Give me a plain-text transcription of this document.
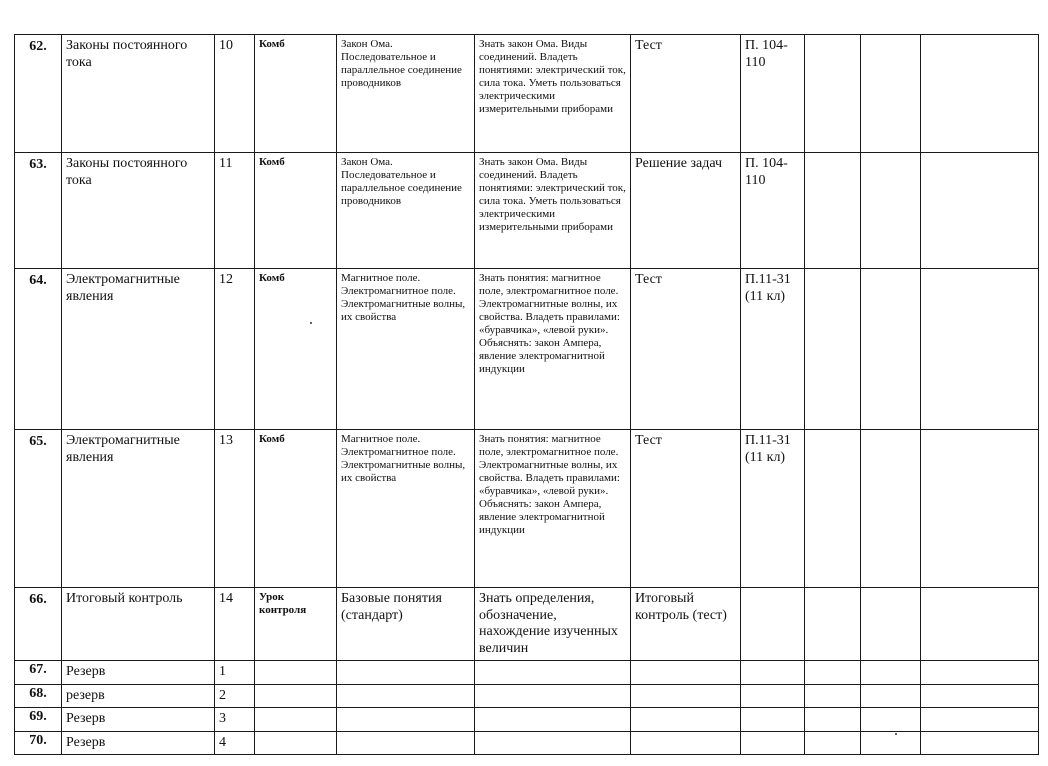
62.	Законы постоянного тока	10	Комб	Закон Ома. Последовательное и параллельное соединение проводников	Знать закон Ома. Виды соединений. Владеть понятиями: электрический ток, сила тока. Уметь пользоваться электрическими измерительными приборами	Тест	П. 104-110			
63.	Законы постоянного тока	11	Комб	Закон Ома. Последовательное и параллельное соединение проводников	Знать закон Ома. Виды соединений. Владеть понятиями: электрический ток, сила тока. Уметь пользоваться электрическими измерительными приборами	Решение задач	П. 104-110			
64.	Электромагнитные явления	12	Комб	Магнитное поле. Электромагнитное поле. Электромагнитные волны, их свойства	Знать понятия: магнитное поле, электромагнитное поле. Электромагнитные волны, их свойства. Владеть правилами: «буравчика», «левой руки». Объяснять: закон Ампера, явление электромагнитной индукции	Тест	П.11-31 (11 кл)			
65.	Электромагнитные явления	13	Комб	Магнитное поле. Электромагнитное поле. Электромагнитные волны, их свойства	Знать понятия: магнитное поле, электромагнитное поле. Электромагнитные волны, их свойства. Владеть правилами: «буравчика», «левой руки». Объяснять: закон Ампера, явление электромагнитной индукции	Тест	П.11-31 (11 кл)			
66.	Итоговый контроль	14	Урок контроля	Базовые понятия (стандарт)	Знать определения, обозначение, нахождение изученных величин	Итоговый контроль (тест)				
67.	Резерв	1								
68.	резерв	2								
69.	Резерв	3								
70.	Резерв	4								
